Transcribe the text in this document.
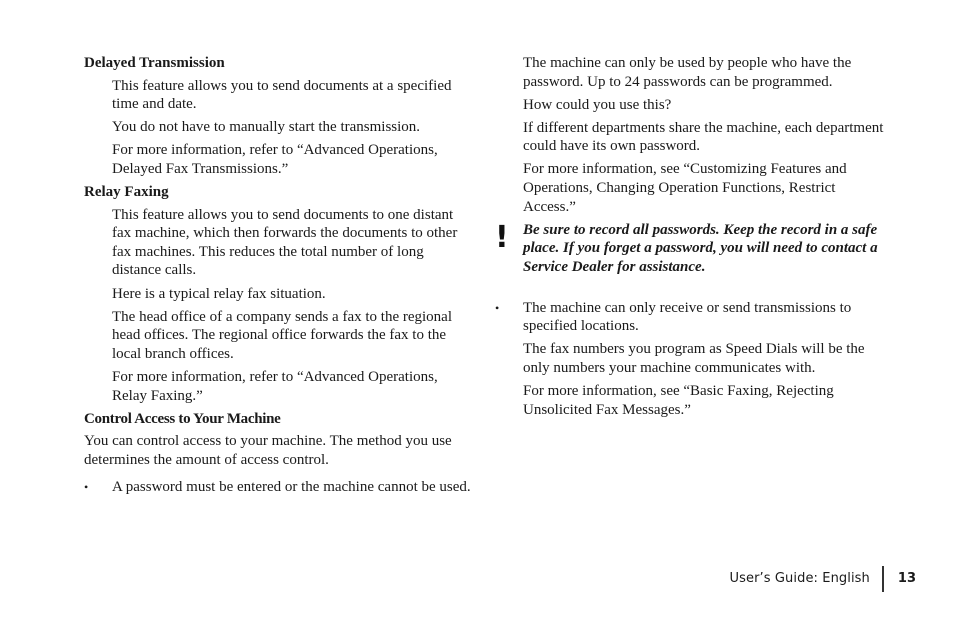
Delayed Transmission
This feature allows you to send documents at a specified time and date.
You do not have to manually start the transmission.
For more information, refer to “Advanced Operations, Delayed Fax Transmissions.”
Relay Faxing
This feature allows you to send documents to one distant fax machine, which then forwards the documents to other fax machines. This reduces the total number of long distance calls.
Here is a typical relay fax situation.
The head office of a company sends a fax to the regional head offices. The regional office forwards the fax to the local branch offices.
For more information, refer to “Advanced Operations, Relay Faxing.”
Control Access to Your Machine
You can control access to your machine. The method you use determines the amount of access control.
• A password must be entered or the machine cannot be used.
The machine can only be used by people who have the password. Up to 24 passwords can be programmed.
How could you use this?
If different departments share the machine, each department could have its own password.
For more information, see “Customizing Features and Operations, Changing Operation Functions, Restrict Access.”
! Be sure to record all passwords. Keep the record in a safe place. If you forget a password, you will need to contact a Service Dealer for assistance.
• The machine can only receive or send transmissions to specified locations.
The fax numbers you program as Speed Dials will be the only numbers your machine communicates with.
For more information, see “Basic Faxing, Rejecting Unsolicited Fax Messages.”
User’s Guide: English 13
